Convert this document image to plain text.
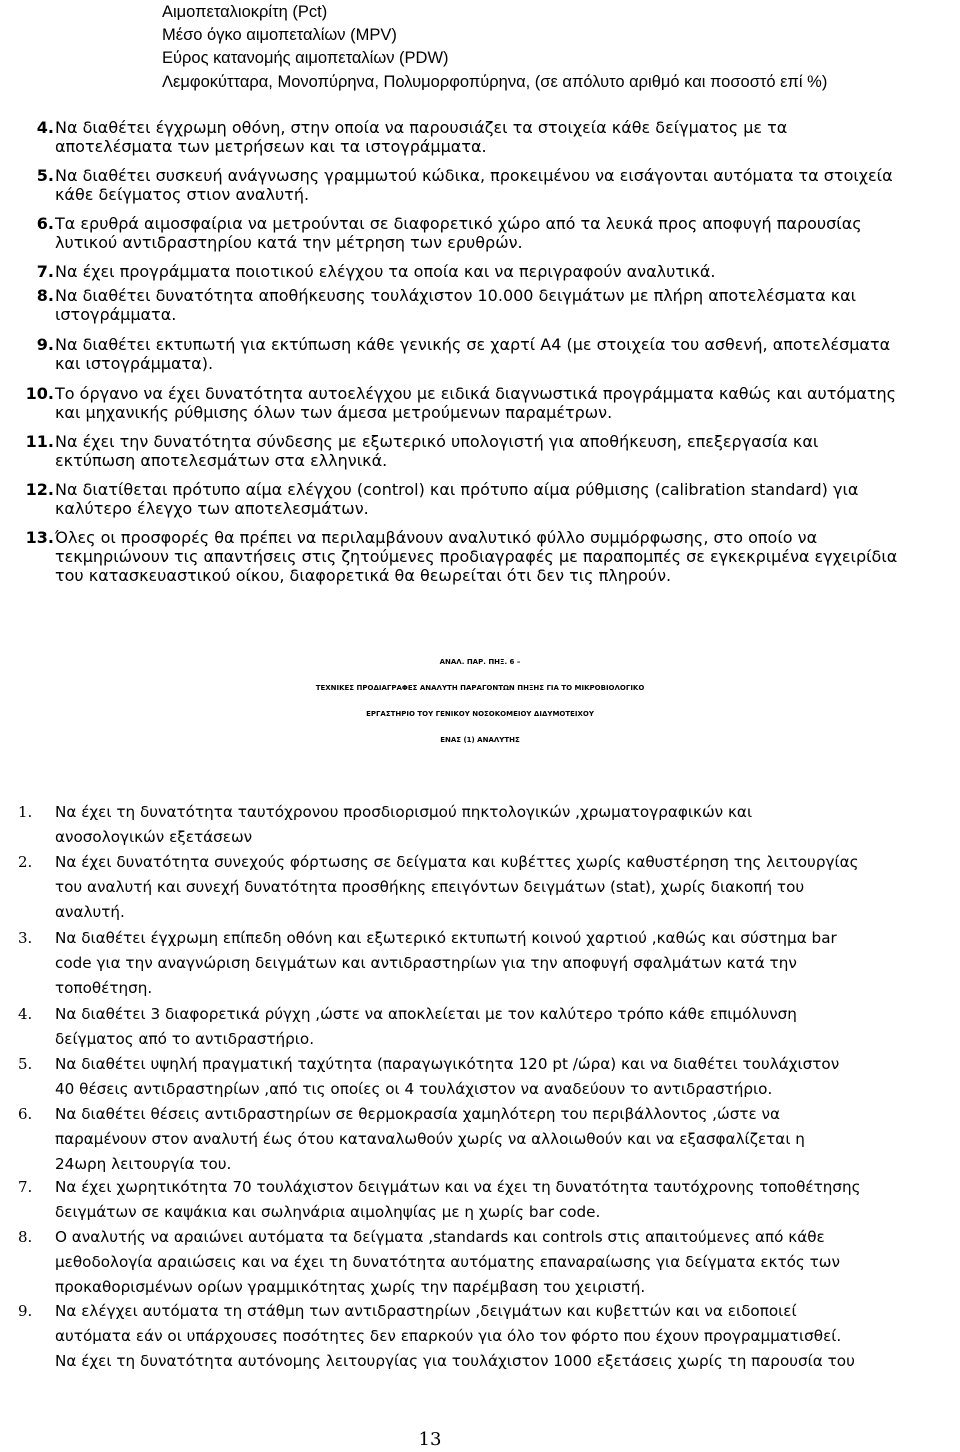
Αιμοπεταλιοκρίτη (Pct)
Μέσο όγκο αιμοπεταλίων (MPV)
Εύρος κατανομής αιμοπεταλίων (PDW)
Λεμφοκύτταρα, Μονοπύρηνα, Πολυμορφοπύρηνα, (σε απόλυτο αριθμό και ποσοστό επί %)
4. Να διαθέτει έγχρωμη οθόνη, στην οποία να παρουσιάζει τα στοιχεία κάθε δείγματος με τα
αποτελέσματα των μετρήσεων και τα ιστογράμματα.
5. Να διαθέτει συσκευή ανάγνωσης γραμμωτού κώδικα, προκειμένου να εισάγονται αυτόματα τα στοιχεία
κάθε δείγματος στιον αναλυτή.
6. Τα ερυθρά αιμοσφαίρια να μετρούνται σε διαφορετικό χώρο από τα λευκά προς αποφυγή παρουσίας
λυτικού αντιδραστηρίου κατά την μέτρηση των ερυθρών.
7. Να έχει προγράμματα ποιοτικού ελέγχου τα οποία και να περιγραφούν αναλυτικά.
8. Να διαθέτει δυνατότητα αποθήκευσης τουλάχιστον 10.000 δειγμάτων με πλήρη αποτελέσματα και
ιστογράμματα.
9. Να διαθέτει εκτυπωτή για εκτύπωση κάθε γενικής σε χαρτί Α4 (με στοιχεία του ασθενή, αποτελέσματα
και ιστογράμματα).
10. Το όργανο να έχει δυνατότητα αυτοελέγχου με ειδικά διαγνωστικά προγράμματα καθώς και αυτόματης
και μηχανικής ρύθμισης όλων των άμεσα μετρούμενων παραμέτρων.
11. Να έχει την δυνατότητα σύνδεσης με εξωτερικό υπολογιστή για αποθήκευση, επεξεργασία και
εκτύπωση αποτελεσμάτων στα ελληνικά.
12. Να διατίθεται πρότυπο αίμα ελέγχου (control) και πρότυπο αίμα ρύθμισης (calibration standard) για
καλύτερο έλεγχο των αποτελεσμάτων.
13. Όλες οι προσφορές θα πρέπει να περιλαμβάνουν αναλυτικό φύλλο συμμόρφωσης, στο οποίο να
τεκμηριώνουν τις απαντήσεις στις ζητούμενες προδιαγραφές με παραπομπές σε εγκεκριμένα εγχειρίδια
του κατασκευαστικού οίκου, διαφορετικά θα θεωρείται ότι δεν τις πληρούν.
ΑΝΑΛ. ΠΑΡ. ΠΗΞ. 6 –
ΤΕΧΝΙΚΕΣ ΠΡΟΔΙΑΓΡΑΦΕΣ ΑΝΑΛΥΤΗ ΠΑΡΑΓΟΝΤΩΝ ΠΗΞΗΣ ΓΙΑ ΤΟ ΜΙΚΡΟΒΙΟΛΟΓΙΚΟ
ΕΡΓΑΣΤΗΡΙΟ ΤΟΥ ΓΕΝΙΚΟΥ ΝΟΣΟΚΟΜΕΙΟΥ ΔΙΔΥΜΟΤΕΙΧΟΥ
ΕΝΑΣ (1) ΑΝΑΛΥΤΗΣ
1.	Να έχει τη δυνατότητα ταυτόχρονου προσδιορισμού πηκτολογικών ,χρωματογραφικών και
ανοσολογικών εξετάσεων
2.	Να έχει δυνατότητα συνεχούς φόρτωσης σε δείγματα και κυβέττες χωρίς καθυστέρηση της λειτουργίας
του αναλυτή και συνεχή δυνατότητα προσθήκης επειγόντων δειγμάτων (stat), χωρίς διακοπή του
αναλυτή.
3.	Να διαθέτει έγχρωμη επίπεδη οθόνη και εξωτερικό εκτυπωτή κοινού χαρτιού ,καθώς και σύστημα bar
code για την αναγνώριση δειγμάτων και αντιδραστηρίων για την αποφυγή σφαλμάτων κατά την
τοποθέτηση.
4.	Να διαθέτει 3 διαφορετικά ρύγχη ,ώστε να αποκλείεται με τον καλύτερο τρόπο κάθε επιμόλυνση
δείγματος από το αντιδραστήριο.
5.	Να διαθέτει υψηλή πραγματική ταχύτητα (παραγωγικότητα 120 pt /ώρα) και να διαθέτει τουλάχιστον
40 θέσεις αντιδραστηρίων ,από τις οποίες οι 4 τουλάχιστον να αναδεύουν το αντιδραστήριο.
6.	Να διαθέτει θέσεις αντιδραστηρίων σε θερμοκρασία χαμηλότερη του περιβάλλοντος ,ώστε να
παραμένουν στον αναλυτή έως ότου καταναλωθούν χωρίς να αλλοιωθούν και να εξασφαλίζεται η
24ωρη λειτουργία του.
7.	Να έχει χωρητικότητα 70 τουλάχιστον δειγμάτων και να έχει τη δυνατότητα ταυτόχρονης τοποθέτησης
δειγμάτων σε καψάκια και σωληνάρια αιμοληψίας με η χωρίς bar code.
8.	Ο αναλυτής να αραιώνει αυτόματα τα δείγματα ,standards και controls στις απαιτούμενες από κάθε
μεθοδολογία αραιώσεις και να έχει τη δυνατότητα αυτόματης επαναραίωσης για δείγματα εκτός των
προκαθορισμένων ορίων γραμμικότητας χωρίς την παρέμβαση του χειριστή.
9.	Να ελέγχει αυτόματα τη στάθμη των αντιδραστηρίων ,δειγμάτων και κυβεττών και να ειδοποιεί
αυτόματα εάν οι υπάρχουσες ποσότητες δεν επαρκούν για όλο τον φόρτο που έχουν προγραμματισθεί.
Να έχει τη δυνατότητα αυτόνομης λειτουργίας για τουλάχιστον 1000 εξετάσεις χωρίς τη παρουσία του
13
